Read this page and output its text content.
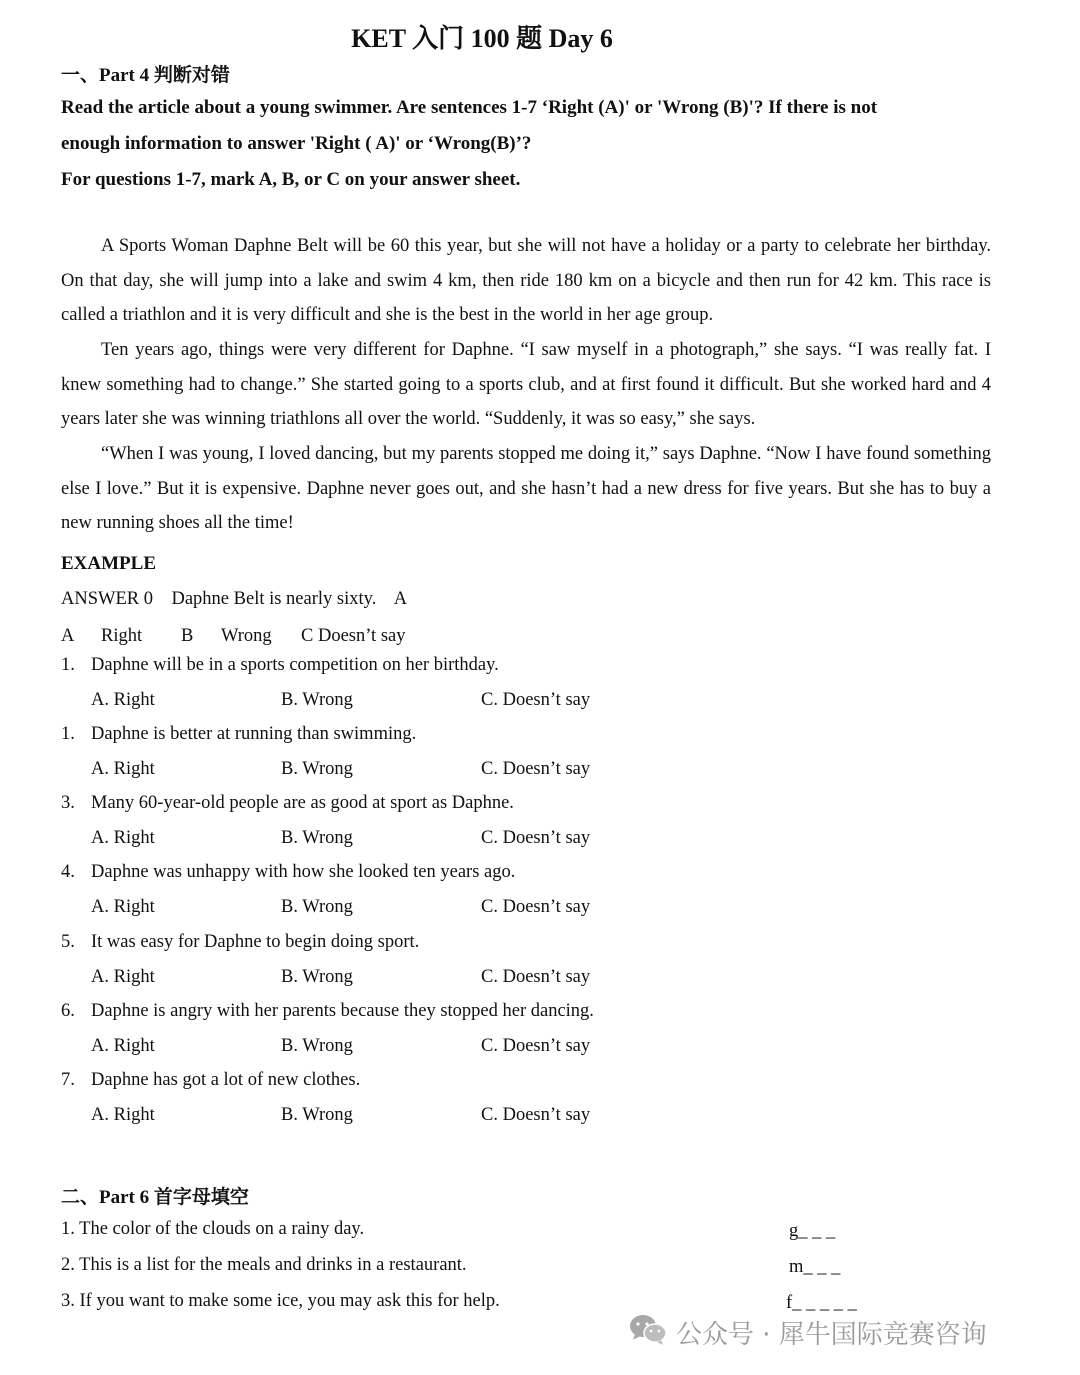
KET 入门 100 题 Day 6
一、Part 4 判断对错
Read the article about a young swimmer. Are sentences 1-7 ‘Right (A)' or 'Wrong (B)'? If there is not
enough information to answer 'Right ( A)' or ‘Wrong(B)’?
For questions 1-7, mark A, B, or C on your answer sheet.

A Sports Woman Daphne Belt will be 60 this year, but she will not have a holiday or a party to celebrate her birthday. On that day, she will jump into a lake and swim 4 km, then ride 180 km on a bicycle and then run for 42 km. This race is called a triathlon and it is very difficult and she is the best in the world in her age group.

Ten years ago, things were very different for Daphne. “I saw myself in a photograph,” she says. “I was really fat. I knew something had to change.” She started going to a sports club, and at first found it difficult. But she worked hard and 4 years later she was winning triathlons all over the world. “Suddenly, it was so easy,” she says.

“When I was young, I loved dancing, but my parents stopped me doing it,” says Daphne. “Now I have found something else I love.” But it is expensive. Daphne never goes out, and she hasn’t had a new dress for five years. But she has to buy a new running shoes all the time!

EXAMPLE
ANSWER 0    Daphne Belt is nearly sixty.    A
A Right B Wrong C Doesn’t say
1. Daphne will be in a sports competition on her birthday.
A. Right	B. Wrong	C. Doesn’t say
1. Daphne is better at running than swimming.
A. Right	B. Wrong	C. Doesn’t say
3. Many 60-year-old people are as good at sport as Daphne.
A. Right	B. Wrong	C. Doesn’t say
4. Daphne was unhappy with how she looked ten years ago.
A. Right	B. Wrong	C. Doesn’t say
5. It was easy for Daphne to begin doing sport.
A. Right	B. Wrong	C. Doesn’t say
6. Daphne is angry with her parents because they stopped her dancing.
A. Right	B. Wrong	C. Doesn’t say
7. Daphne has got a lot of new clothes.
A. Right	B. Wrong	C. Doesn’t say
二、Part 6 首字母填空
1. The color of the clouds on a rainy day.	g_ _ _
2. This is a list for the meals and drinks in a restaurant.	m_ _ _
3. If you want to make some ice, you may ask this for help.	f_ _ _ _ _
公众号 · 犀牛国际竞赛咨询
